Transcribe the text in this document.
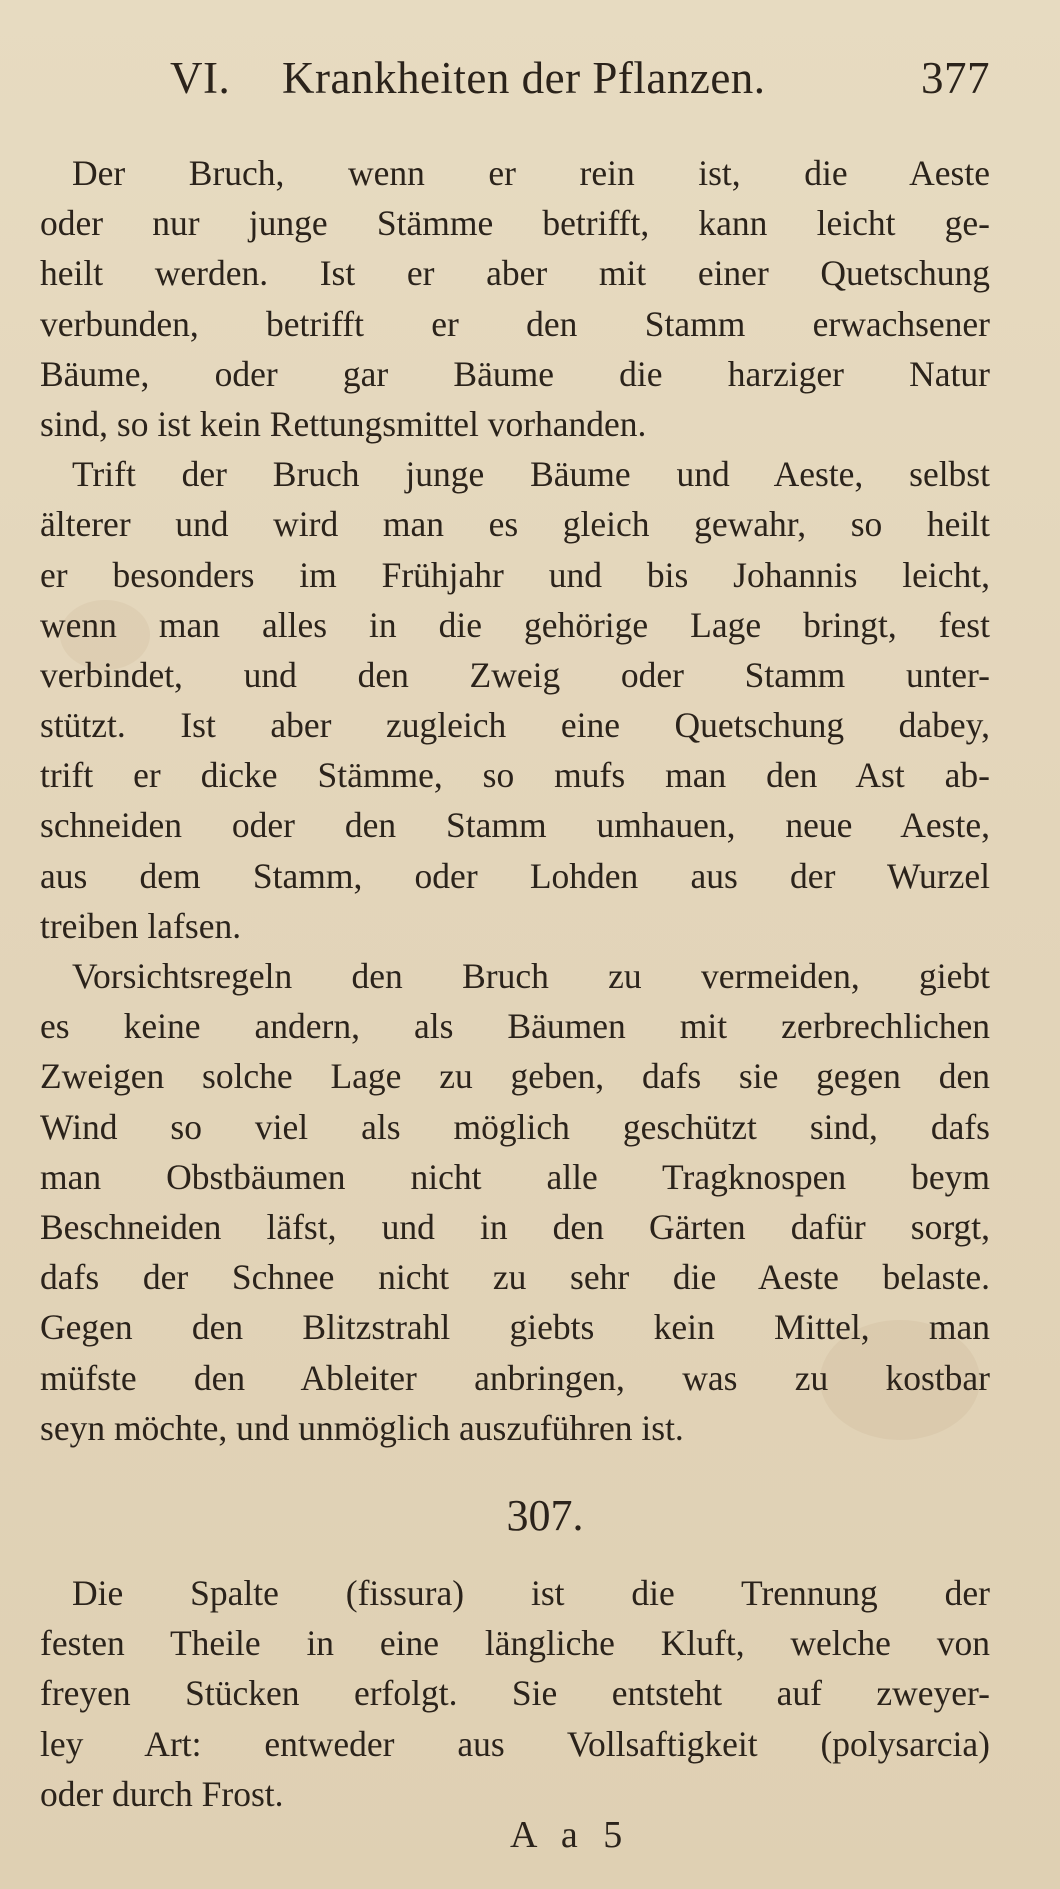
VI. Krankheiten der Pflanzen.	377
Der Bruch, wenn er rein ist, die Aeste
oder nur junge Stämme betrifft, kann leicht ge-
heilt werden. Ist er aber mit einer Quetschung
verbunden, betrifft er den Stamm erwachsener
Bäume, oder gar Bäume die harziger Natur
sind, so ist kein Rettungsmittel vorhanden.
Trift der Bruch junge Bäume und Aeste, selbst
älterer und wird man es gleich gewahr, so heilt
er besonders im Frühjahr und bis Johannis leicht,
wenn man alles in die gehörige Lage bringt, fest
verbindet, und den Zweig oder Stamm unter-
stützt. Ist aber zugleich eine Quetschung dabey,
trift er dicke Stämme, so mufs man den Ast ab-
schneiden oder den Stamm umhauen, neue Aeste,
aus dem Stamm, oder Lohden aus der Wurzel
treiben lafsen.
Vorsichtsregeln den Bruch zu vermeiden, giebt
es keine andern, als Bäumen mit zerbrechlichen
Zweigen solche Lage zu geben, dafs sie gegen den
Wind so viel als möglich geschützt sind, dafs
man Obstbäumen nicht alle Tragknospen beym
Beschneiden läfst, und in den Gärten dafür sorgt,
dafs der Schnee nicht zu sehr die Aeste belaste.
Gegen den Blitzstrahl giebts kein Mittel, man
müfste den Ableiter anbringen, was zu kostbar
seyn möchte, und unmöglich auszuführen ist.
307.
Die Spalte (fissura) ist die Trennung der
festen Theile in eine längliche Kluft, welche von
freyen Stücken erfolgt. Sie entsteht auf zweyer-
ley Art: entweder aus Vollsaftigkeit (polysarcia)
oder durch Frost.
A a 5
